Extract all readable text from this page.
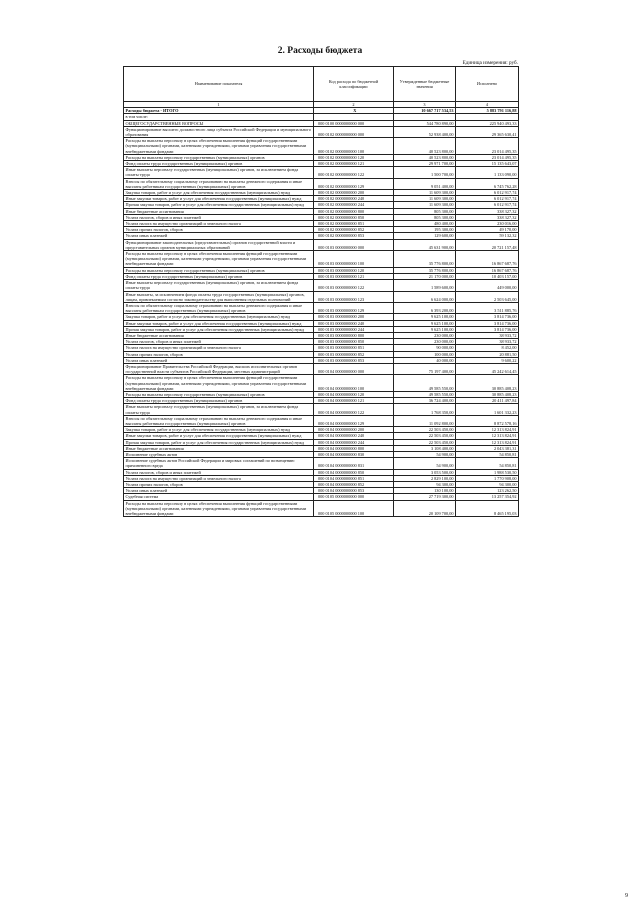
2. Расходы бюджета
Единица измерения: руб.
Наименование показателя	Код расхода по бюджетной классификации	Утвержденные бюджетные значения	Исполнено
1	2	3	4
Расходы бюджета - ИТОГО	X	10 667 717 534,53	5 883 791 116,88
в том числе:			
ОБЩЕГОСУДАРСТВЕННЫЕ ВОПРОСЫ	000 0100 0000000000 000	544 780 890,00	225 940 493,33
Функционирование высшего должностного лица субъекта Российской Федерации и муниципального образования	000 0102 0000000000 000	52 938 400,00	29 365 630,41
Расходы на выплаты персоналу в целях обеспечения выполнения функций государственными (муниципальными) органами, казенными учреждениями, органами управления государственными внебюджетными фондами	000 0102 0000000000 100	40 523 800,00	23 014 495,35
Расходы на выплаты персоналу государственных (муниципальных) органов	000 0102 0000000000 120	40 523 800,00	23 014 495,35
Фонд оплаты труда государственных (муниципальных) органов	000 0102 0000000000 121	29 971 700,00	15 135 643,07
Иные выплаты персоналу государственных (муниципальных) органов, за исключением фонда оплаты труда	000 0102 0000000000 122	1 500 700,00	1 133 090,00
Взносы по обязательному социальному страхованию на выплаты денежного содержания и иные выплаты работникам государственных (муниципальных) органов	000 0102 0000000000 129	9 051 400,00	6 745 762,28
Закупка товаров, работ и услуг для обеспечения государственных (муниципальных) нужд	000 0102 0000000000 200	11 609 300,00	6 012 917,74
Иные закупки товаров, работ и услуг для обеспечения государственных (муниципальных) нужд	000 0102 0000000000 240	11 609 300,00	6 012 917,74
Прочая закупка товаров, работ и услуг для обеспечения государственных (муниципальных) нужд	000 0102 0000000000 244	11 609 300,00	6 012 917,74
Иные бюджетные ассигнования	000 0102 0000000000 800	805 300,00	338 327,32
Уплата налогов, сборов и иных платежей	000 0102 0000000000 850	805 300,00	338 327,32
Уплата налога на имущество организаций и земельного налога	000 0102 0000000000 851	480 400,00	230 016,00
Уплата прочих налогов, сборов	000 0102 0000000000 852	195 300,00	49 170,00
Уплата иных платежей	000 0102 0000000000 853	129 600,00	59 132,32
Функционирование законодательных (представительных) органов государственной власти и представительных органов муниципальных образований	000 0103 0000000000 000	45 631 900,00	20 721 157,48
Расходы на выплаты персоналу в целях обеспечения выполнения функций государственными (муниципальными) органами, казенными учреждениями, органами управления государственными внебюджетными фондами	000 0103 0000000000 100	35 776 800,00	16 867 687,76
Расходы на выплаты персоналу государственных (муниципальных) органов	000 0103 0000000000 120	35 776 800,00	16 867 687,76
Фонд оплаты труда государственных (муниципальных) органов	000 0103 0000000000 121	21 170 000,00	10 403 157,00
Иные выплаты персоналу государственных (муниципальных) органов, за исключением фонда оплаты труда	000 0103 0000000000 122	1 589 600,00	449 000,00
Иные выплаты, за исключением фонда оплаты труда государственных (муниципальных) органов, лицам, привлекаемым согласно законодательству для выполнения отдельных полномочий	000 0103 0000000000 123	6 624 000,00	2 503 645,00
Взносы по обязательному социальному страхованию на выплаты денежного содержания и иные выплаты работникам государственных (муниципальных) органов	000 0103 0000000000 129	6 393 200,00	3 511 885,76
Закупка товаров, работ и услуг для обеспечения государственных (муниципальных) нужд	000 0103 0000000000 200	9 625 100,00	3 814 736,00
Иные закупки товаров, работ и услуг для обеспечения государственных (муниципальных) нужд	000 0103 0000000000 240	9 625 100,00	3 814 736,00
Прочая закупка товаров, работ и услуг для обеспечения государственных (муниципальных) нужд	000 0103 0000000000 244	9 625 100,00	3 814 736,00
Иные бюджетные ассигнования	000 0103 0000000000 800	230 000,00	38 933,72
Уплата налогов, сборов и иных платежей	000 0103 0000000000 850	230 000,00	38 933,72
Уплата налога на имущество организаций и земельного налога	000 0103 0000000000 851	90 000,00	8 452,00
Уплата прочих налогов, сборов	000 0103 0000000000 852	100 000,00	20 881,50
Уплата иных платежей	000 0103 0000000000 853	40 000,00	9 600,22
Функционирование Правительства Российской Федерации, высших исполнительных органов государственной власти субъектов Российской Федерации, местных администраций	000 0104 0000000000 000	75 197 400,00	45 242 614,45
Расходы на выплаты персоналу в целях обеспечения выполнения функций государственными (муниципальными) органами, казенными учреждениями, органами управления государственными внебюджетными фондами	000 0104 0000000000 100	49 585 550,00	30 885 408,23
Расходы на выплаты персоналу государственных (муниципальных) органов	000 0104 0000000000 120	49 585 550,00	30 885 408,23
Фонд оплаты труда государственных (муниципальных) органов	000 0104 0000000000 121	36 724 400,00	20 411 497,84
Иные выплаты персоналу государственных (муниципальных) органов, за исключением фонда оплаты труда	000 0104 0000000000 122	1 768 350,00	1 601 332,23
Взносы по обязательному социальному страхованию на выплаты денежного содержания и иные выплаты работникам государственных (муниципальных) органов	000 0104 0000000000 129	11 092 800,00	8 872 578,16
Закупка товаров, работ и услуг для обеспечения государственных (муниципальных) нужд	000 0104 0000000000 200	22 503 450,00	12 313 824,91
Иные закупки товаров, работ и услуг для обеспечения государственных (муниципальных) нужд	000 0104 0000000000 240	22 503 450,00	12 313 824,91
Прочая закупка товаров, работ и услуг для обеспечения государственных (муниципальных) нужд	000 0104 0000000000 244	22 503 450,00	12 313 824,91
Иные бюджетные ассигнования	000 0104 0000000000 800	3 108 400,00	2 043 381,31
Исполнение судебных актов	000 0104 0000000000 830	54 900,00	54 850,81
Исполнение судебных актов Российской Федерации и мировых соглашений по возмещению причиненного вреда	000 0104 0000000000 831	54 900,00	54 850,81
Уплата налогов, сборов и иных платежей	000 0104 0000000000 850	3 053 500,00	1 988 530,50
Уплата налога на имущество организаций и земельного налога	000 0104 0000000000 851	2 829 100,00	1 770 908,00
Уплата прочих налогов, сборов	000 0104 0000000000 852	94 300,00	94 300,00
Уплата иных платежей	000 0104 0000000000 853	130 100,00	123 262,50
Судебная система	000 0105 0000000000 000	27 719 300,00	13 257 354,92
Расходы на выплаты персоналу в целях обеспечения выполнения функций государственными (муниципальными) органами, казенными учреждениями, органами управления государственными внебюджетными фондами	000 0105 0000000000 100	20 109 700,00	8 465 195,03
9
